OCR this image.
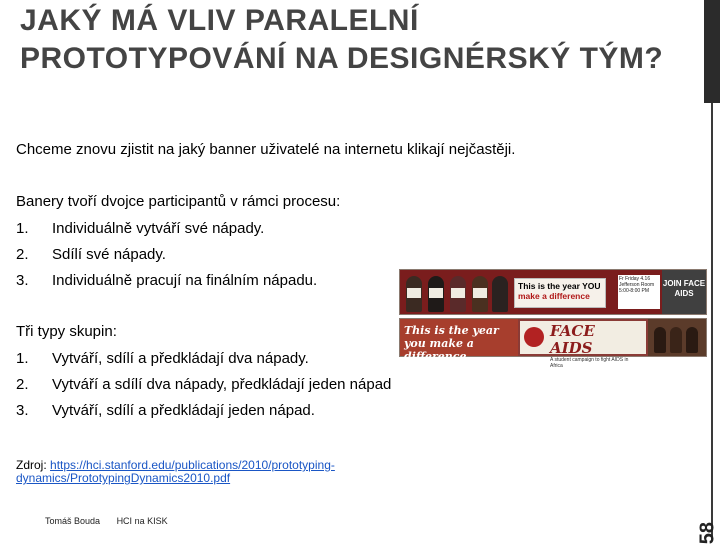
JAKÝ MÁ VLIV PARALELNÍ PROTOTYPOVÁNÍ NA DESIGNÉRSKÝ TÝM?
58
Chceme znovu zjistit na jaký banner uživatelé na internetu klikají nejčastěji.
Banery tvoří dvojce participantů v rámci procesu:
1.	Individuálně vytváří své nápady.
2.	Sdílí své nápady.
3.	Individuálně pracují na finálním nápadu.
Tři typy skupin:
1.	Vytváří, sdílí a předkládají dva nápady.
2.	Vytváří a sdílí dva nápady, předkládají jeden nápad
3.	Vytváří, sdílí a předkládají jeden nápad.
This is the year YOU
make a difference
Fr Friday 4.16 Jefferson Room 5:00-8:00 PM
JOIN FACE AIDS
This is the year you make a difference
FACE AIDS
A student campaign to fight AIDS in Africa
Zdroj: https://hci.stanford.edu/publications/2010/prototyping-dynamics/PrototypingDynamics2010.pdf
Tomáš Bouda HCI na KISK
